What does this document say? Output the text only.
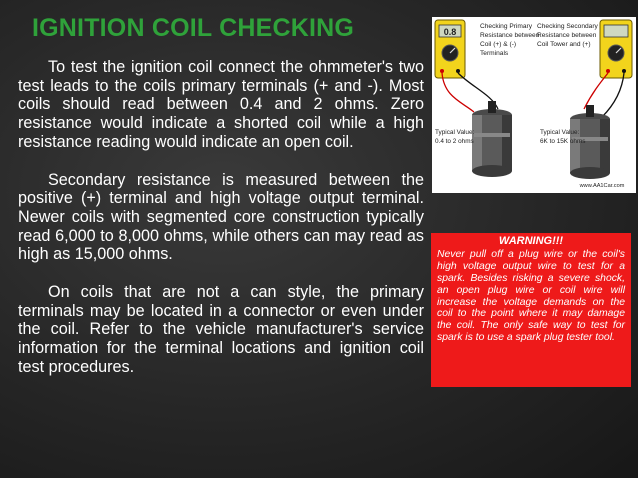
IGNITION COIL CHECKING

To test the ignition coil connect the ohmmeter's two test leads to the coils primary terminals (+ and -). Most coils should read between 0.4 and 2 ohms. Zero resistance would indicate a shorted coil while a high resistance reading would indicate an open coil.

Secondary resistance is measured between the positive (+) terminal and high voltage output terminal. Newer coils with segmented core construction typically read 6,000 to 8,000 ohms, while others can may read as high as 15,000 ohms.

On coils that are not a can style, the primary terminals may be located in a connector or even under the coil. Refer to the vehicle manufacturer's service information for the terminal locations and ignition coil test procedures.

0.8
Checking Primary Resistance between Coil (+) & (-) Terminals
Checking Secondary Resistance between Coil Tower and (+)
Typical Value: 0.4 to 2 ohms
Typical Value: 6K to 15K ohms
www.AA1Car.com
WARNING!!!
Never pull off a plug wire or the coil's high voltage output wire to test for a spark. Besides risking a severe shock, an open plug wire or coil wire will increase the voltage demands on the coil to the point where it may damage the coil. The only safe way to test for spark is to use a spark plug tester tool.
